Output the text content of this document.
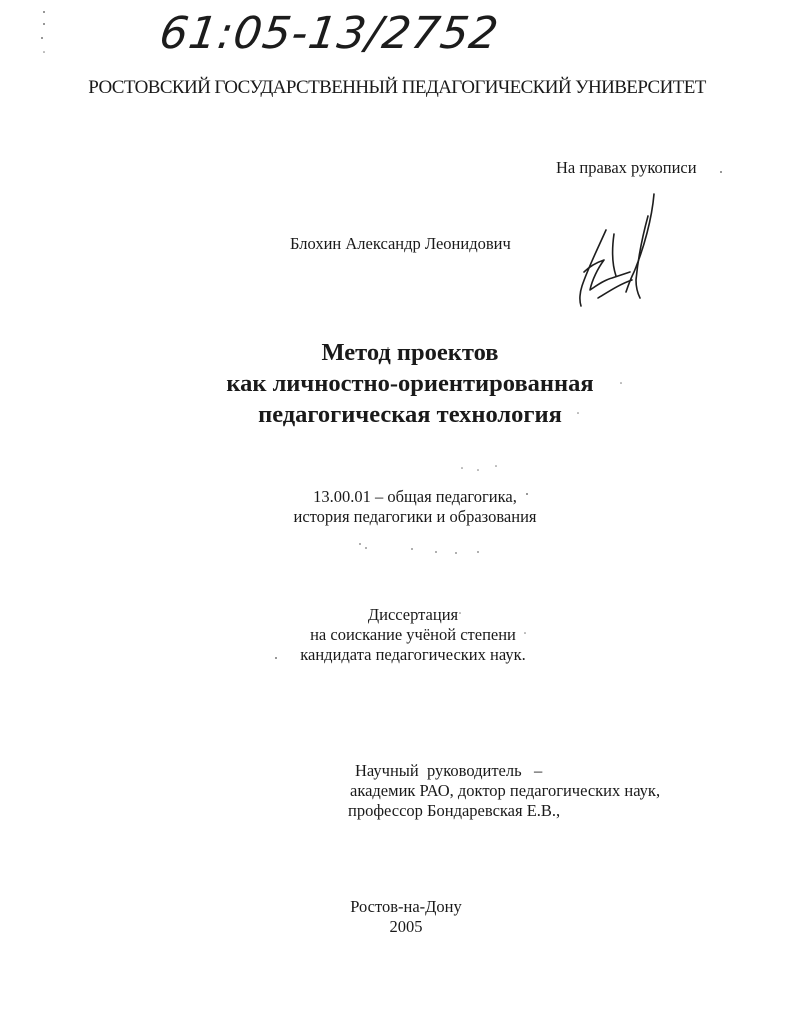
61:05-13/2752
РОСТОВСКИЙ ГОСУДАРСТВЕННЫЙ ПЕДАГОГИЧЕСКИЙ УНИВЕРСИТЕТ
На правах рукописи
Блохин Александр Леонидович
Метод проектов
как личностно-ориентированная
педагогическая технология
13.00.01 – общая педагогика,
история педагогики и образования
Диссертация
на соискание учёной степени
кандидата педагогических наук.
Научный  руководитель   –
академик РАО, доктор педагогических наук,
профессор Бондаревская Е.В.,
Ростов-на-Дону
2005
